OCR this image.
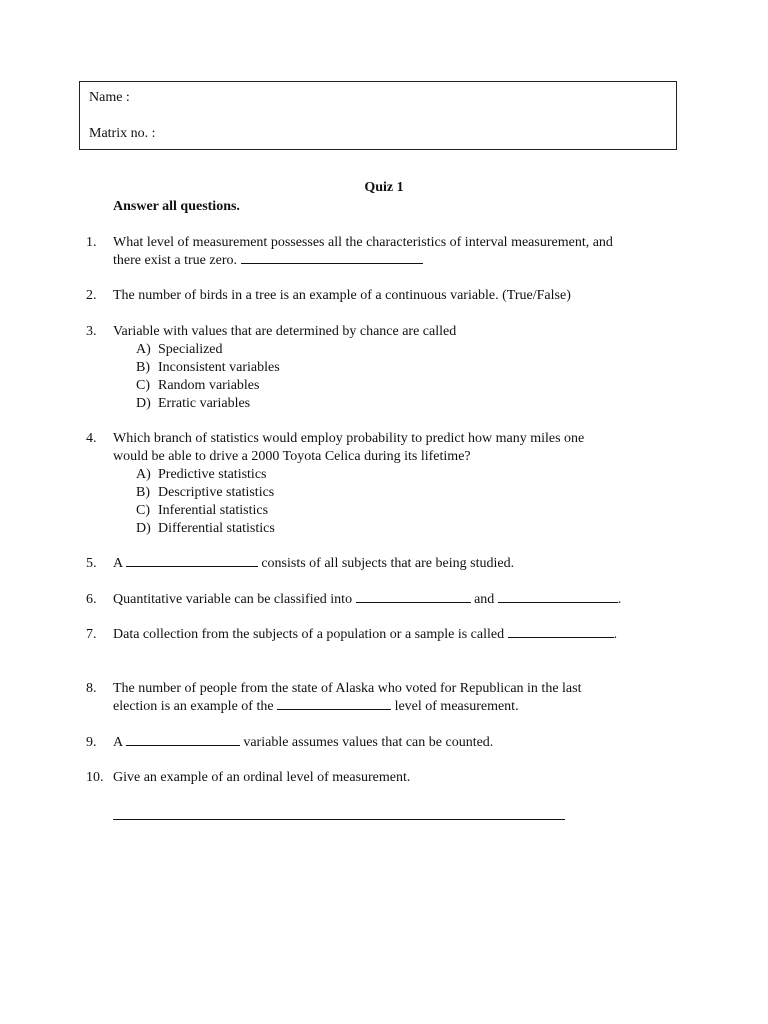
Name :
Matrix no. :
Quiz 1
Answer all questions.
1.	What level of measurement possesses all the characteristics of interval measurement, and
there exist a true zero.
2.	The number of birds in a tree is an example of a continuous variable. (True/False)
3.	Variable with values that are determined by chance are called
A) Specialized
B) Inconsistent variables
C) Random variables
D) Erratic variables
4.	Which branch of statistics would employ probability to predict how many miles one
would be able to drive a 2000 Toyota Celica during its lifetime?
A) Predictive statistics
B) Descriptive statistics
C) Inferential statistics
D) Differential statistics
5.	A	consists of all subjects that are being studied.
6.	Quantitative variable can be classified into	and	.
7.	Data collection from the subjects of a population or a sample is called	.
8.	The number of people from the state of Alaska who voted for Republican in the last
election is an example of the	level of measurement.
9.	A	variable assumes values that can be counted.
10. Give an example of an ordinal level of measurement.
